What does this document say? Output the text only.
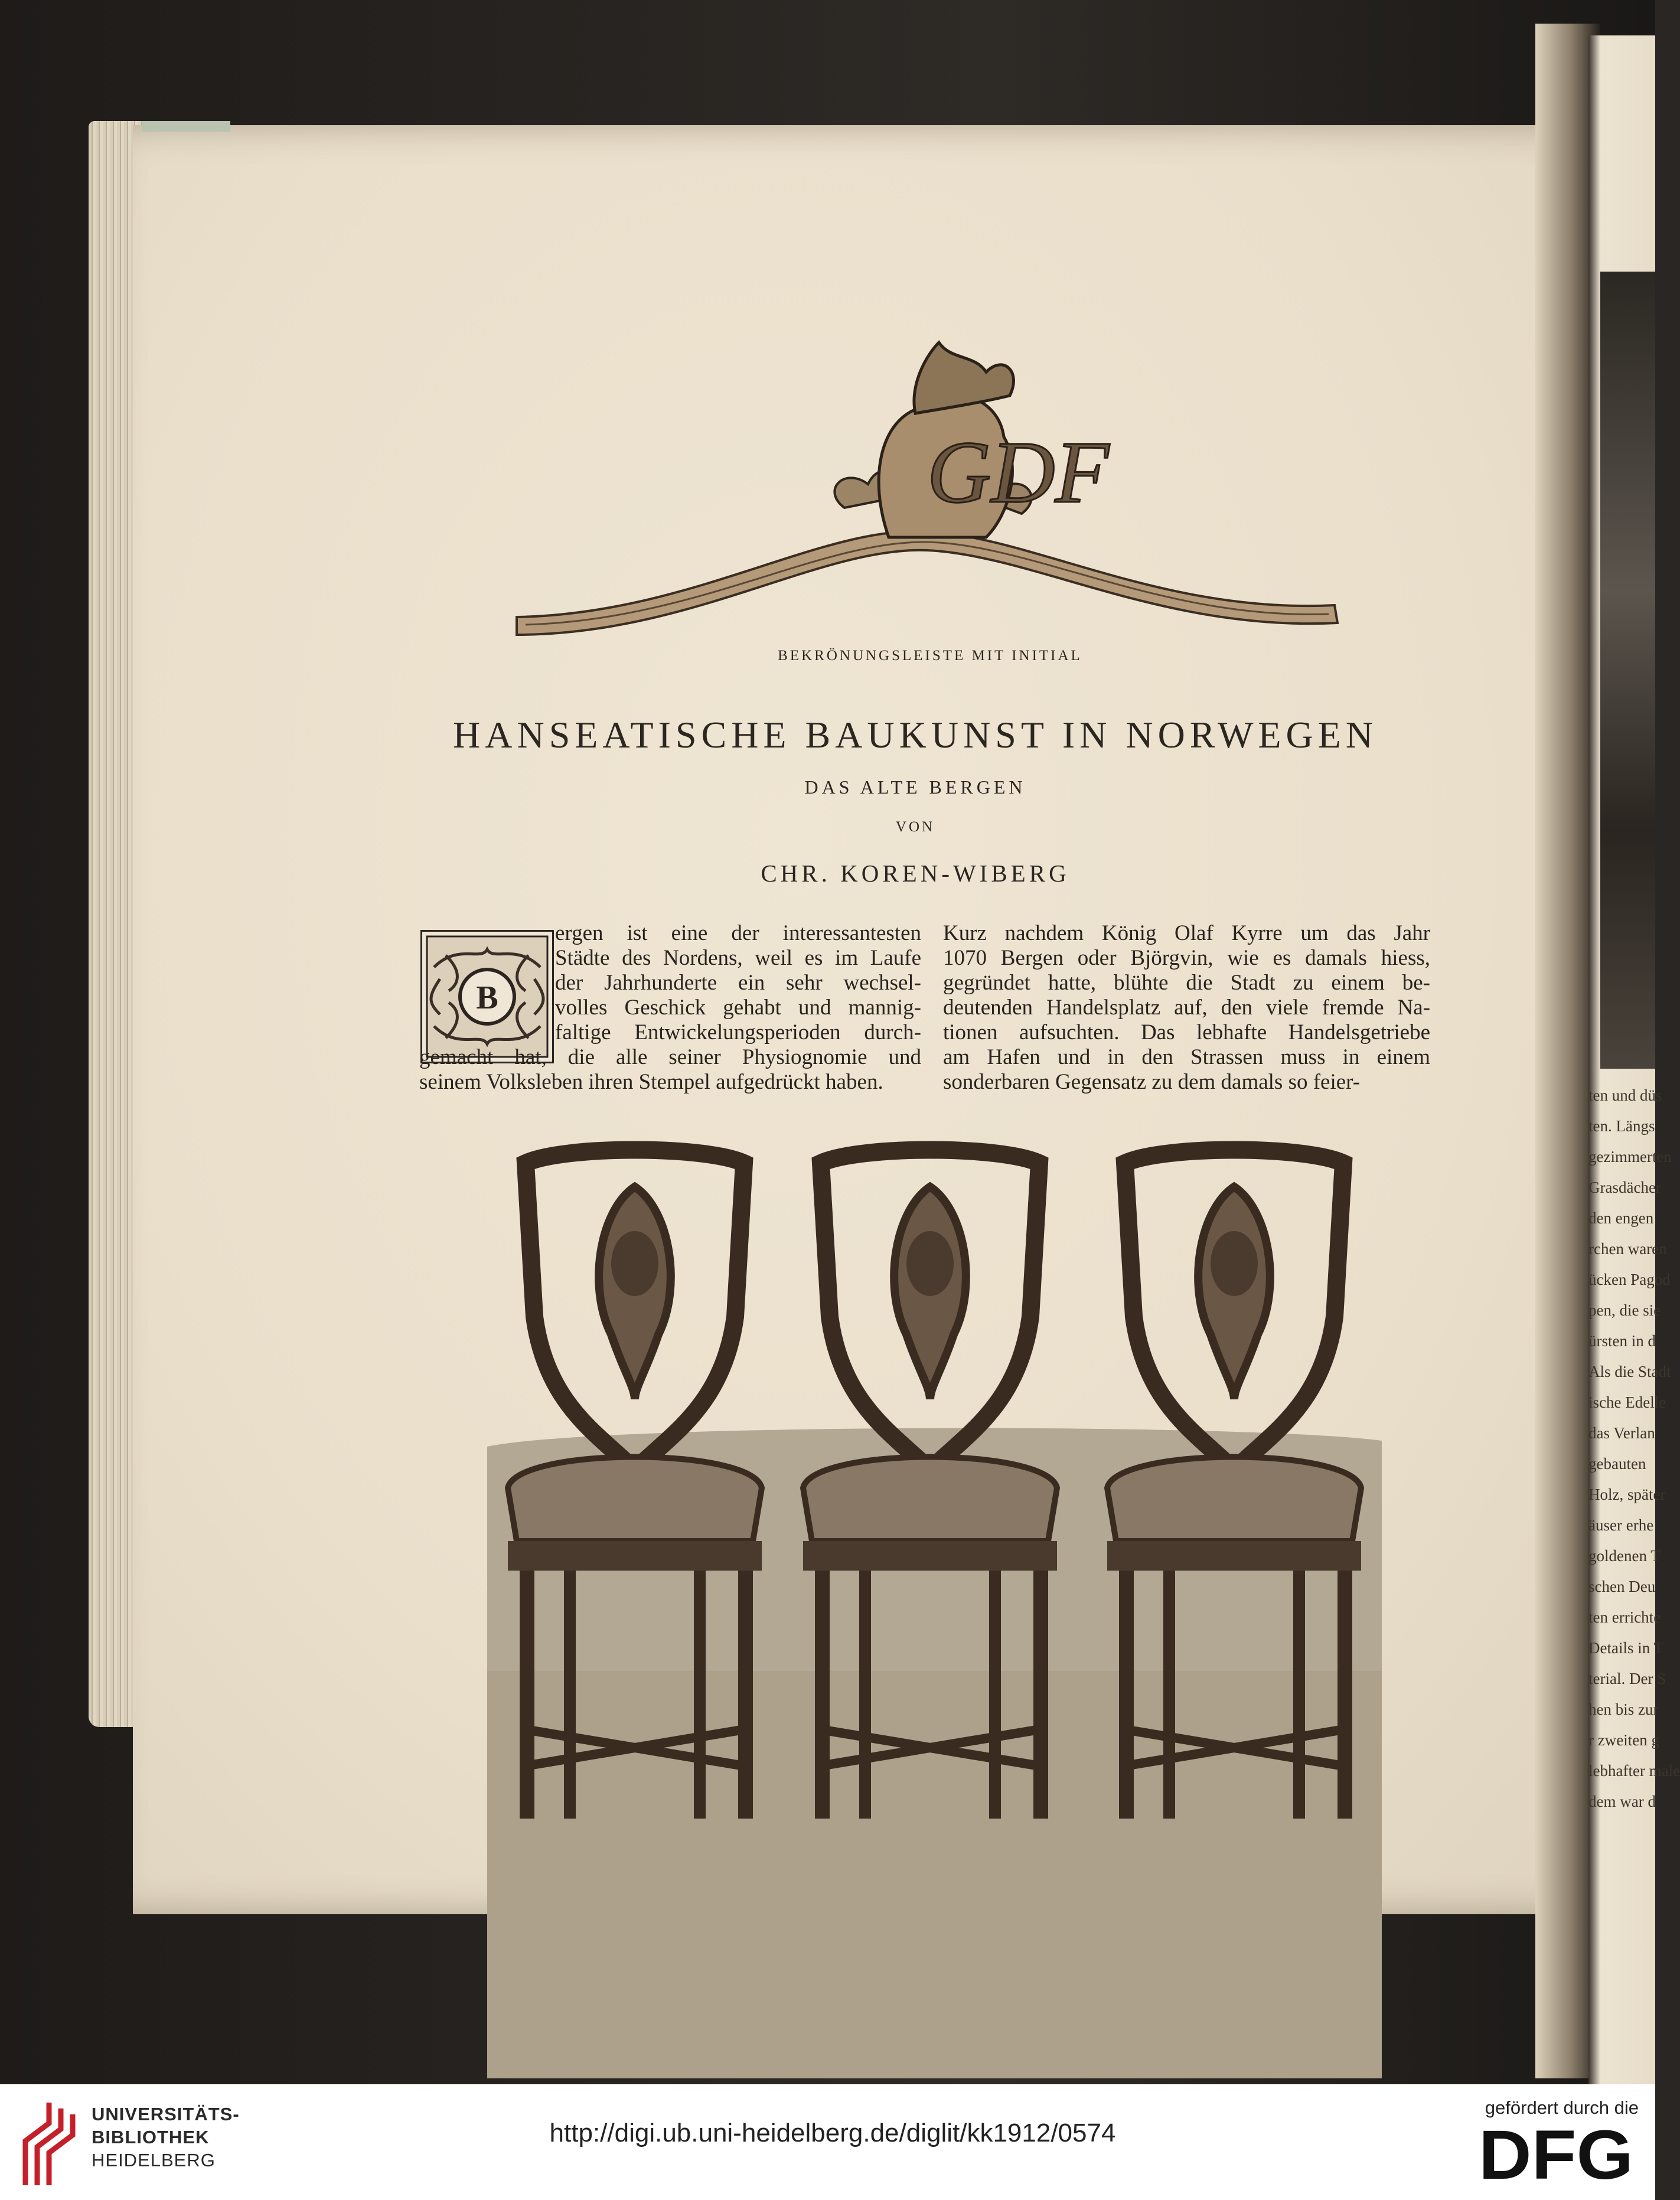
ten und düs
ten. Längs
gezimmerten
Grasdächer
den engen
rchen waren
ücken Pagod
pen, die sie
ürsten in d
Als die Stadt
ische Edelle
das Verlan
gebauten
Holz, später
äuser erhe
goldenen T
schen Deu
ten errichte
Details in T
terial. Der S
hen bis zur
r zweiten g
lebhafter male
dem war d
GDF
BEKRÖNUNGSLEISTE MIT INITIAL
HANSEATISCHE BAUKUNST IN NORWEGEN
DAS ALTE BERGEN
VON
CHR. KOREN-WIBERG
B
ergen ist eine der interessantesten
Städte des Nordens, weil es im Laufe
der Jahrhunderte ein sehr wechsel-
volles Geschick gehabt und mannig-
faltige Entwickelungsperioden durch-
gemacht hat, die alle seiner Physiognomie und
seinem Volksleben ihren Stempel aufgedrückt haben.
Kurz nachdem König Olaf Kyrre um das Jahr
1070 Bergen oder Björgvin, wie es damals hiess,
gegründet hatte, blühte die Stadt zu einem be-
deutenden Handelsplatz auf, den viele fremde Na-
tionen aufsuchten. Das lebhafte Handelsgetriebe
am Hafen und in den Strassen muss in einem
sonderbaren Gegensatz zu dem damals so feier-
UNIVERSITÄTS-
BIBLIOTHEK
HEIDELBERG
http://digi.ub.uni-heidelberg.de/diglit/kk1912/0574
gefördert durch die
DFG
